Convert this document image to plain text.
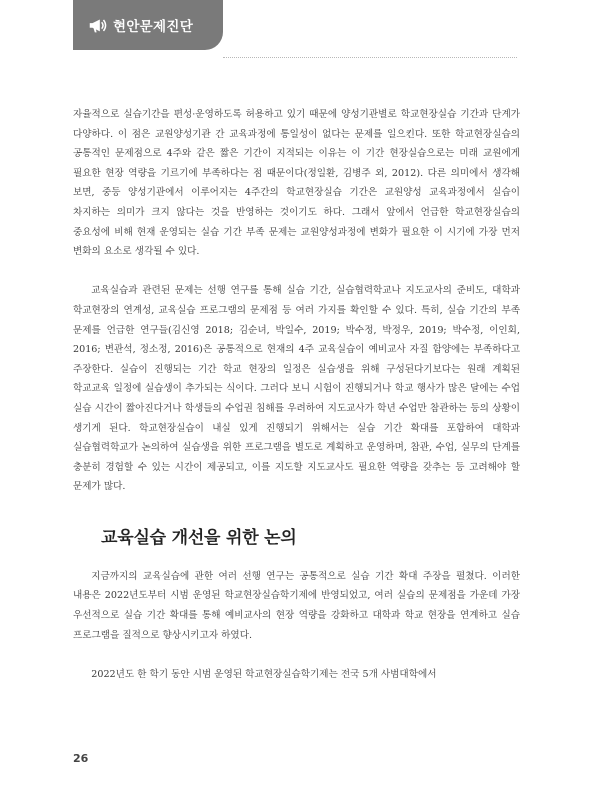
현안문제진단

자율적으로 실습기간을 편성·운영하도록 허용하고 있기 때문에 양성기관별로 학교현장실습 기간과 단계가 다양하다. 이 점은 교원양성기관 간 교육과정에 통일성이 없다는 문제를 일으킨다. 또한 학교현장실습의 공통적인 문제점으로 4주와 같은 짧은 기간이 지적되는 이유는 이 기간 현장실습으로는 미래 교원에게 필요한 현장 역량을 기르기에 부족하다는 점 때문이다(정일환, 김병주 외, 2012). 다른 의미에서 생각해 보면, 중등 양성기관에서 이루어지는 4주간의 학교현장실습 기간은 교원양성 교육과정에서 실습이 차지하는 의미가 크지 않다는 것을 반영하는 것이기도 하다. 그래서 앞에서 언급한 학교현장실습의 중요성에 비해 현재 운영되는 실습 기간 부족 문제는 교원양성과정에 변화가 필요한 이 시기에 가장 먼저 변화의 요소로 생각될 수 있다.

교육실습과 관련된 문제는 선행 연구를 통해 실습 기간, 실습협력학교나 지도교사의 준비도, 대학과 학교현장의 연계성, 교육실습 프로그램의 문제점 등 여러 가지를 확인할 수 있다. 특히, 실습 기간의 부족 문제를 언급한 연구들(김신영 2018; 김순녀, 박일수, 2019; 박수정, 박정우, 2019; 박수정, 이인회, 2016; 변관석, 정소정, 2016)은 공통적으로 현재의 4주 교육실습이 예비교사 자질 함양에는 부족하다고 주장한다. 실습이 진행되는 기간 학교 현장의 일정은 실습생을 위해 구성된다기보다는 원래 계획된 학교교육 일정에 실습생이 추가되는 식이다. 그러다 보니 시험이 진행되거나 학교 행사가 많은 달에는 수업 실습 시간이 짧아진다거나 학생들의 수업권 침해를 우려하여 지도교사가 학년 수업만 참관하는 등의 상황이 생기게 된다. 학교현장실습이 내실 있게 진행되기 위해서는 실습 기간 확대를 포함하여 대학과 실습협력학교가 논의하여 실습생을 위한 프로그램을 별도로 계획하고 운영하며, 참관, 수업, 실무의 단계를 충분히 경험할 수 있는 시간이 제공되고, 이를 지도할 지도교사도 필요한 역량을 갖추는 등 고려해야 할 문제가 많다.

교육실습 개선을 위한 논의

지금까지의 교육실습에 관한 여러 선행 연구는 공통적으로 실습 기간 확대 주장을 펼쳤다. 이러한 내용은 2022년도부터 시범 운영된 학교현장실습학기제에 반영되었고, 여러 실습의 문제점을 가운데 가장 우선적으로 실습 기간 확대를 통해 예비교사의 현장 역량을 강화하고 대학과 학교 현장을 연계하고 실습 프로그램을 질적으로 향상시키고자 하였다.

2022년도 한 학기 동안 시범 운영된 학교현장실습학기제는 전국 5개 사범대학에서

26
